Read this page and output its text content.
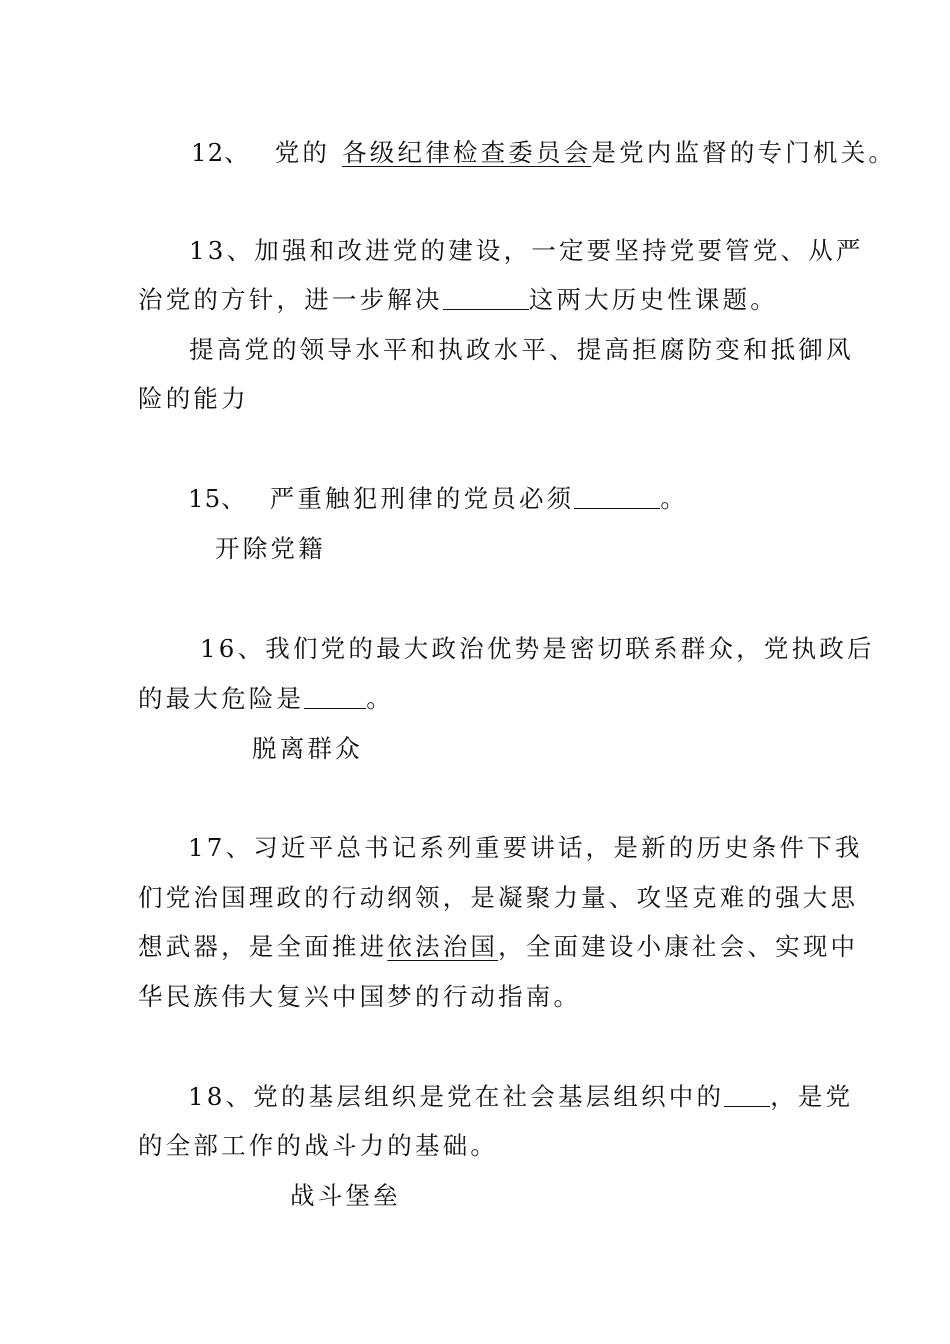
12、 党的 各级纪律检查委员会是党内监督的专门机关。
13、加强和改进党的建设，一定要坚持党要管党、从严
治党的方针，进一步解决	这两大历史性课题。
提高党的领导水平和执政水平、提高拒腐防变和抵御风
险的能力
15、 严重触犯刑律的党员必须	。
开除党籍
16、我们党的最大政治优势是密切联系群众，党执政后
的最大危险是	。
脱离群众
17、习近平总书记系列重要讲话，是新的历史条件下我
们党治国理政的行动纲领，是凝聚力量、攻坚克难的强大思
想武器，是全面推进依法治国，全面建设小康社会、实现中
华民族伟大复兴中国梦的行动指南。
18、党的基层组织是党在社会基层组织中的 ，是党
的全部工作的战斗力的基础。
战斗堡垒
